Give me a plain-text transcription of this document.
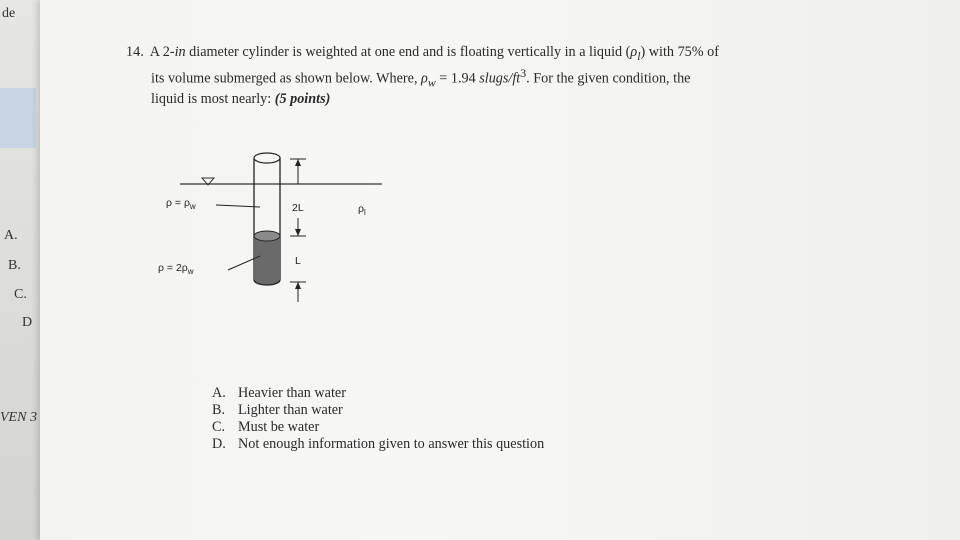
de
A.
B.
C.
D
VEN 3
14. A 2-in diameter cylinder is weighted at one end and is floating vertically in a liquid $(\rho_l)$ with 75% of
its volume submerged as shown below. Where, $\rho_w = 1.94$ slugs/$ft^3$. For the given condition, the
liquid is most nearly: (5 points)
$\rho = \rho_w$
$\rho = 2\rho_w$
$\rho_l$
2L
L
A. Heavier than water
B. Lighter than water
C. Must be water
D. Not enough information given to answer this question
